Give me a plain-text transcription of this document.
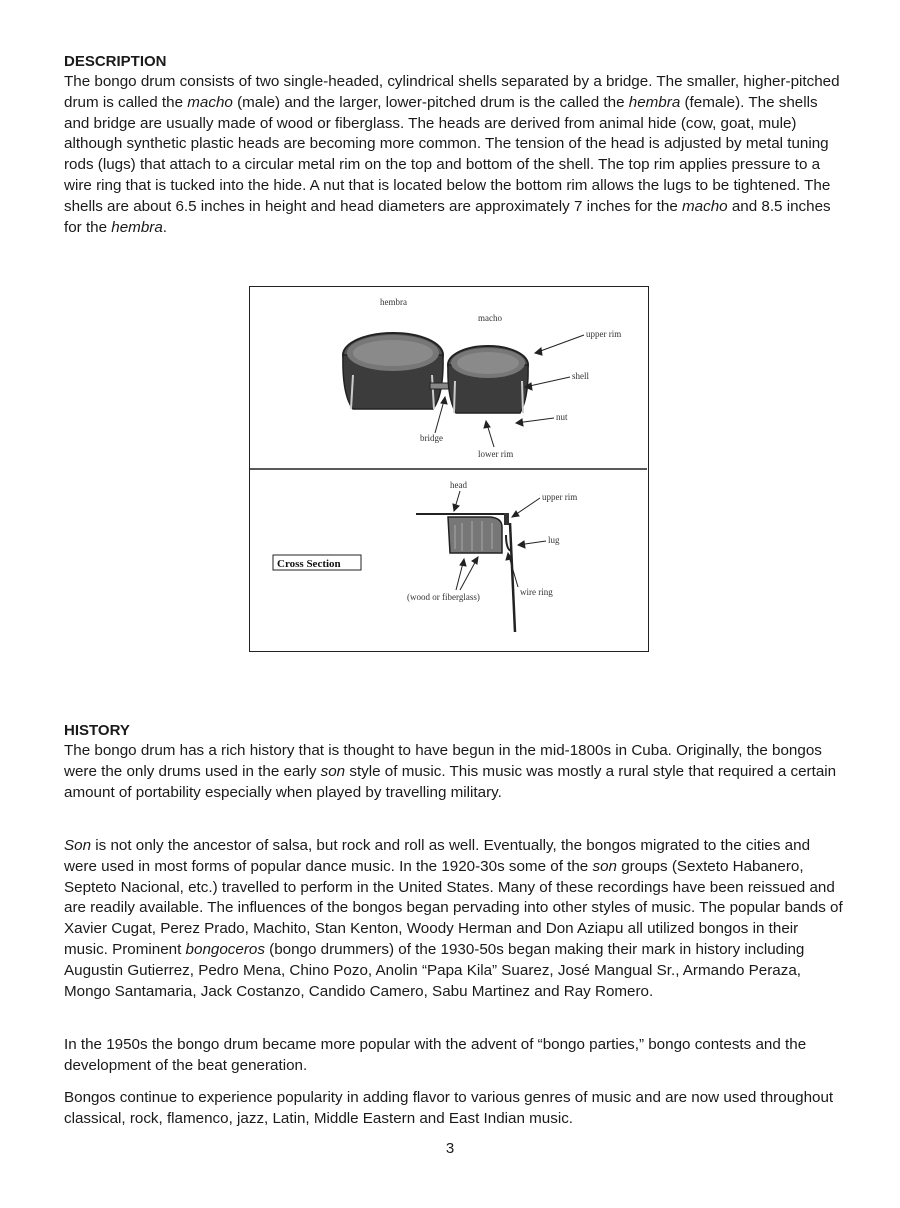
DESCRIPTION

The bongo drum consists of two single-headed, cylindrical shells separated by a bridge. The smaller, higher-pitched drum is called the macho (male) and the larger, lower-pitched drum is the called the hembra (female). The shells and bridge are usually made of wood or fiberglass. The heads are derived from animal hide (cow, goat, mule) although synthetic plastic heads are becoming more common. The tension of the head is adjusted by metal tuning rods (lugs) that attach to a circular metal rim on the top and bottom of the shell. The top rim applies pressure to a wire ring that is tucked into the hide. A nut that is located below the bottom rim allows the lugs to be tightened. The shells are about 6.5 inches in height and head diameters are approximately 7 inches for the macho and 8.5 inches for the hembra.

hembra
macho
upper rim
shell
nut
bridge
lower rim
Cross Section
head
upper rim
lug
(wood or fiberglass)	wire ring
HISTORY

The bongo drum has a rich history that is thought to have begun in the mid-1800s in Cuba. Originally, the bongos were the only drums used in the early son style of music. This music was mostly a rural style that required a certain amount of portability especially when played by travelling military.

Son is not only the ancestor of salsa, but rock and roll as well. Eventually, the bongos migrated to the cities and were used in most forms of popular dance music. In the 1920-30s some of the son groups (Sexteto Habanero, Septeto Nacional, etc.) travelled to perform in the United States. Many of these recordings have been reissued and are readily available. The influences of the bongos began pervading into other styles of music. The popular bands of Xavier Cugat, Perez Prado, Machito, Stan Kenton, Woody Herman and Don Aziapu all utilized bongos in their music. Prominent bongoceros (bongo drummers) of the 1930-50s began making their mark in history including Augustin Gutierrez, Pedro Mena, Chino Pozo, Anolin “Papa Kila” Suarez, José Mangual Sr., Armando Peraza, Mongo Santamaria, Jack Costanzo, Candido Camero, Sabu Martinez and Ray Romero.

In the 1950s the bongo drum became more popular with the advent of “bongo parties,” bongo contests and the development of the beat generation.

Bongos continue to experience popularity in adding flavor to various genres of music and are now used throughout classical, rock, flamenco, jazz, Latin, Middle Eastern and East Indian music.

3
